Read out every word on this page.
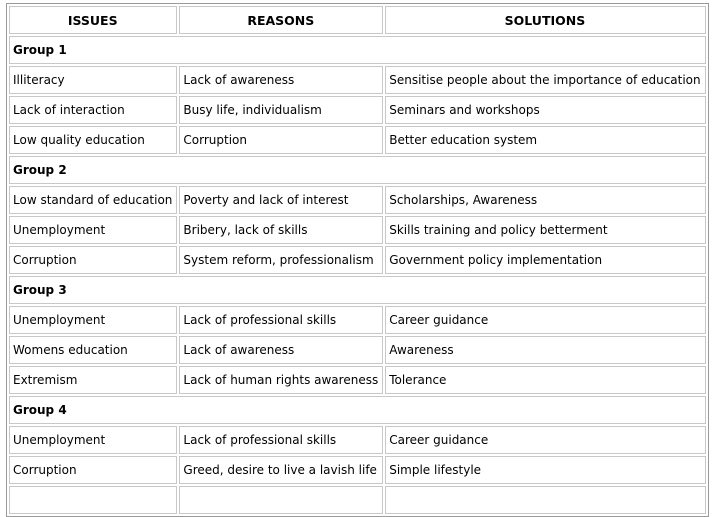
ISSUES	REASONS	SOLUTIONS
Group 1		
Illiteracy	Lack of awareness	Sensitise people about the importance of education
Lack of interaction	Busy life, individualism	Seminars and workshops
Low quality education	Corruption	Better education system
Group 2		
Low standard of education	Poverty and lack of interest	Scholarships, Awareness
Unemployment	Bribery, lack of skills	Skills training and policy betterment
Corruption	System reform, professionalism	Government policy implementation
Group 3		
Unemployment	Lack of professional skills	Career guidance
Womens education	Lack of awareness	Awareness
Extremism	Lack of human rights awareness	Tolerance
Group 4		
Unemployment	Lack of professional skills	Career guidance
Corruption	Greed, desire to live a lavish life	Simple lifestyle
